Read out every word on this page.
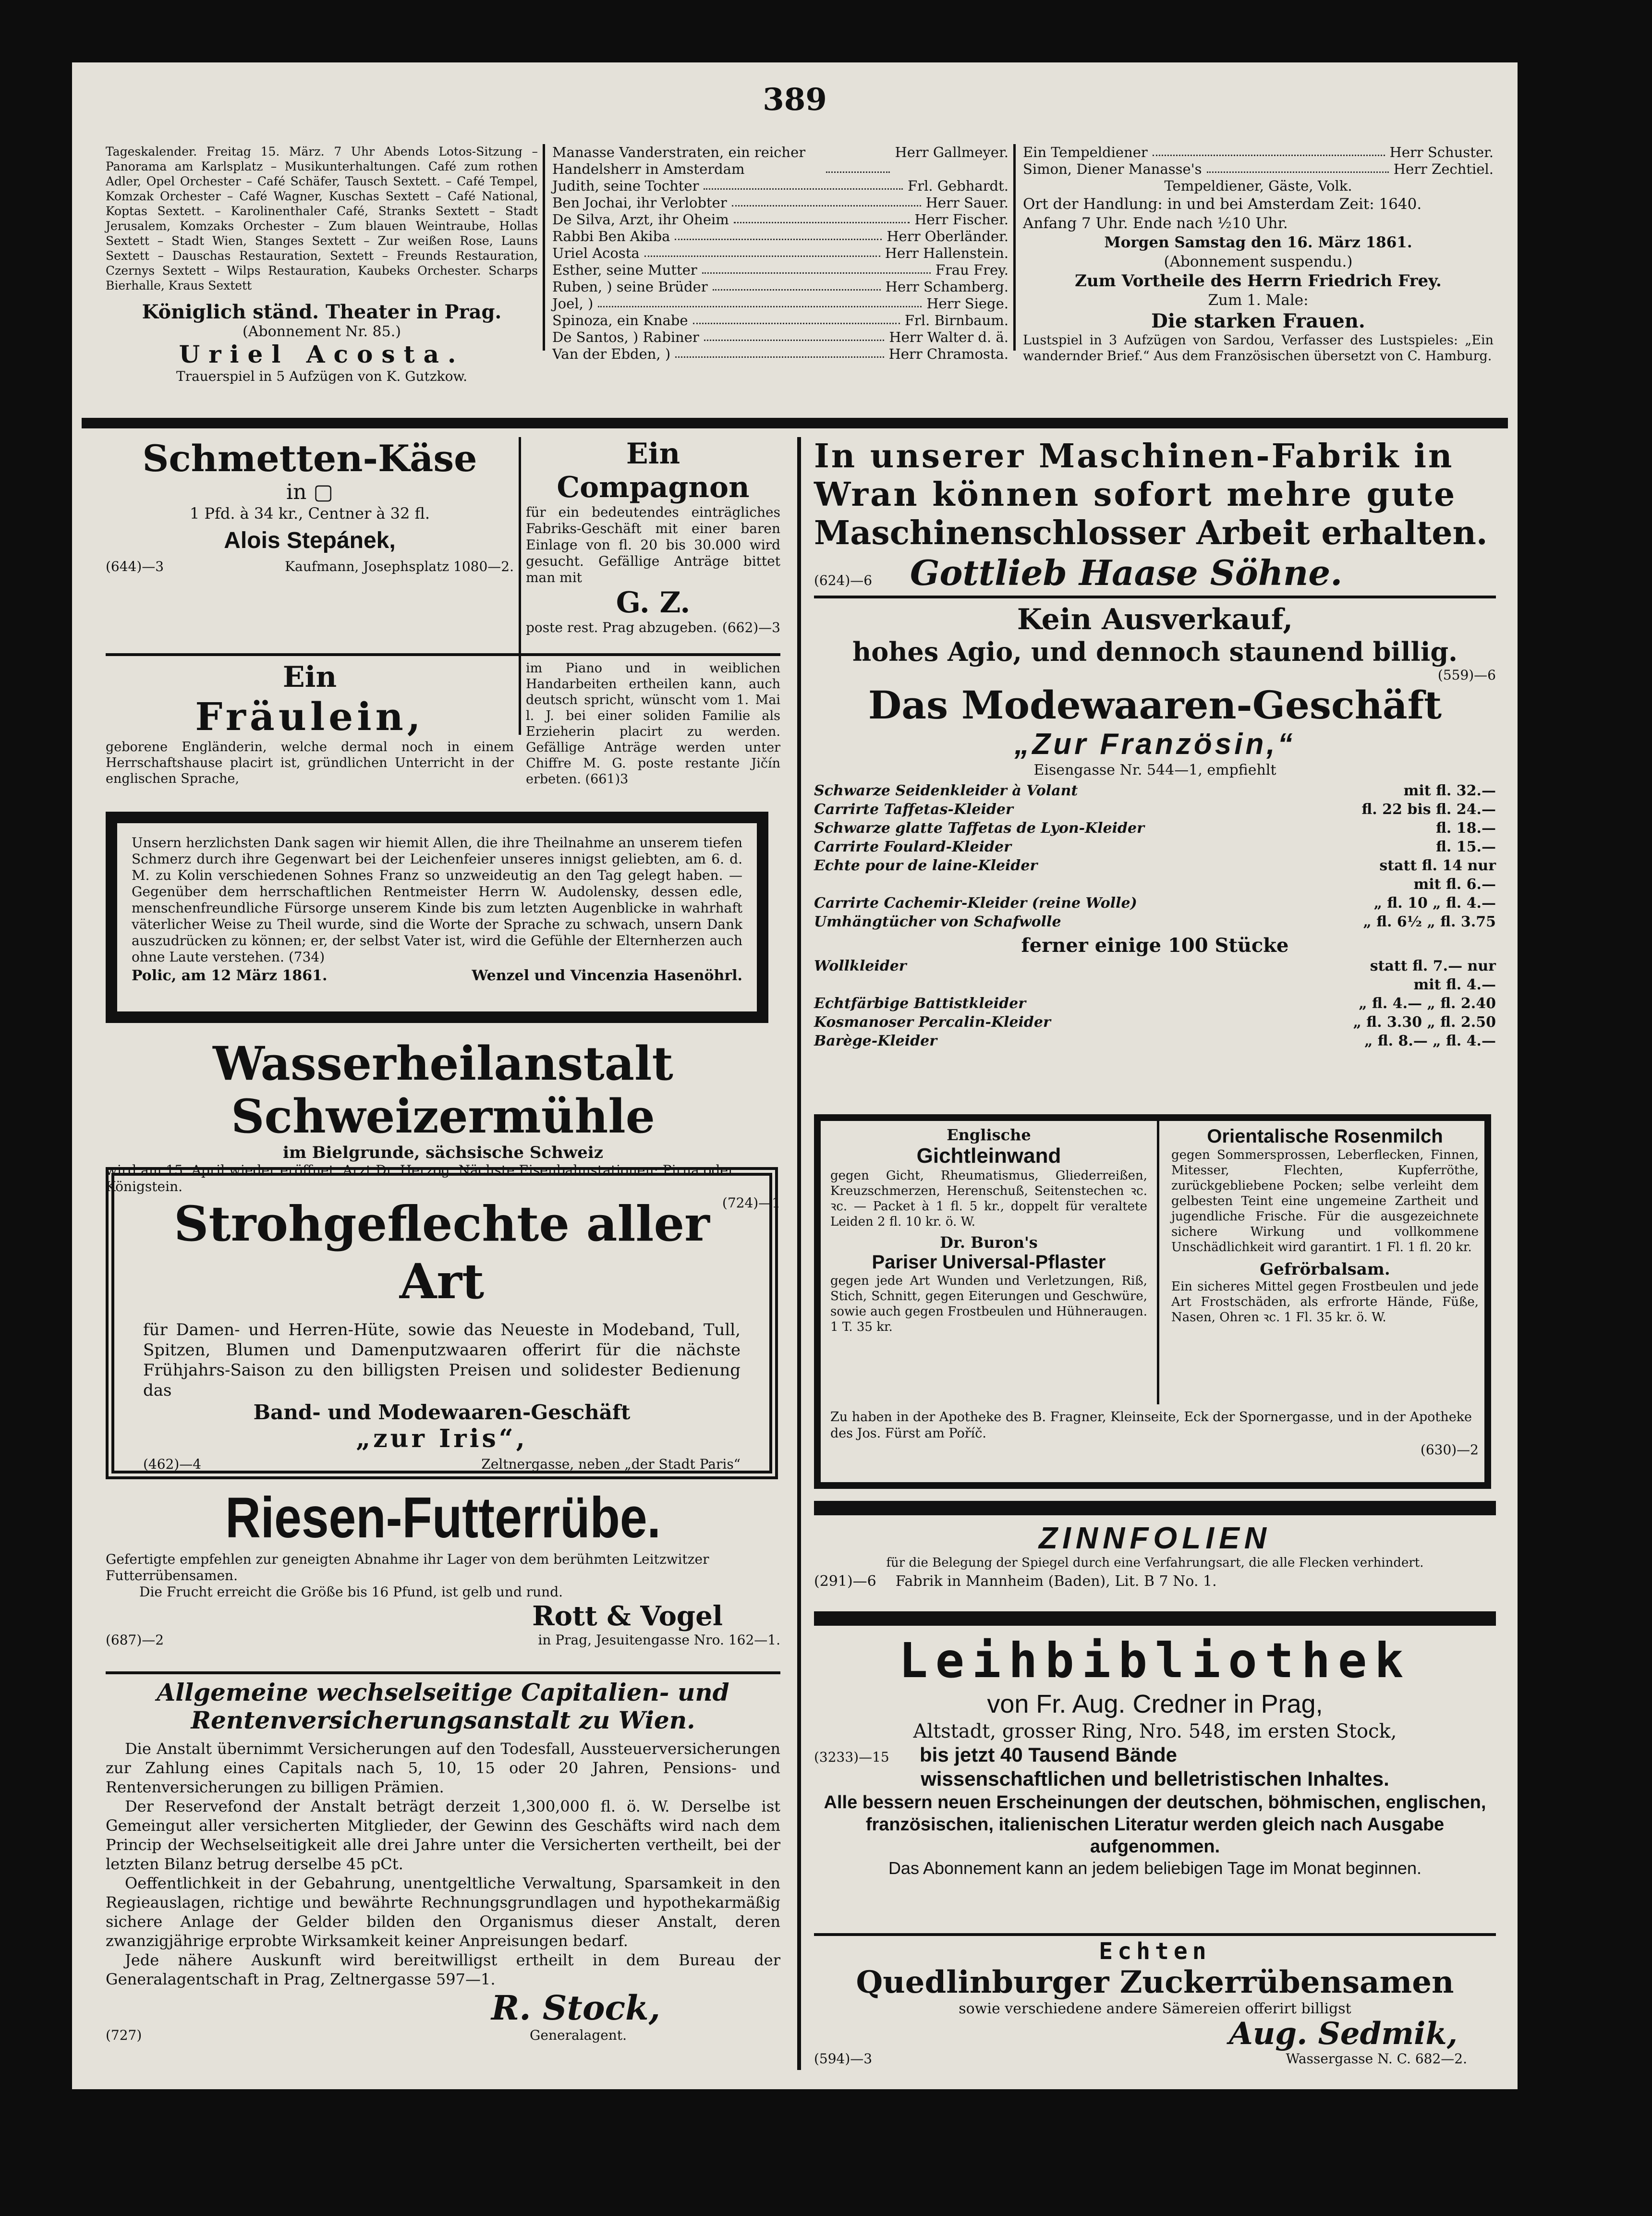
389

Tageskalender. Freitag 15. März. 7 Uhr Abends Lotos-Sitzung – Panorama am Karlsplatz – Musikunterhaltungen. Café zum rothen Adler, Opel Orchester – Café Schäfer, Tausch Sextett. – Café Tempel, Komzak Orchester – Café Wagner, Kuschas Sextett – Café National, Koptas Sextett. – Karolinenthaler Café, Stranks Sextett – Stadt Jerusalem, Komzaks Orchester – Zum blauen Weintraube, Hollas Sextett – Stadt Wien, Stanges Sextett – Zur weißen Rose, Launs Sextett – Dauschas Restauration, Sextett – Freunds Restauration, Czernys Sextett – Wilps Restauration, Kaubeks Orchester. Scharps Bierhalle, Kraus Sextett

Königlich ständ. Theater in Prag.

(Abonnement Nr. 85.)

Uriel Acosta.

Trauerspiel in 5 Aufzügen von K. Gutzkow.

Manasse Vanderstraten, ein reicher Handelsherr in Amsterdam
Herr Gallmeyer.
Judith, seine Tochter	Frl. Gebhardt.
Ben Jochai, ihr Verlobter	Herr Sauer.
De Silva, Arzt, ihr Oheim	Herr Fischer.
Rabbi Ben Akiba	Herr Oberländer.
Uriel Acosta	Herr Hallenstein.
Esther, seine Mutter	Frau Frey.
Ruben, ) seine Brüder	Herr Schamberg.
Joel, )	Herr Siege.
Spinoza, ein Knabe	Frl. Birnbaum.
De Santos, ) Rabiner	Herr Walter d. ä.
Van der Ebden, )	Herr Chramosta.
Ein Tempeldiener	Herr Schuster.
Simon, Diener Manasse's	Herr Zechtiel.
Tempeldiener, Gäste, Volk.

Ort der Handlung: in und bei Amsterdam Zeit: 1640.

Anfang 7 Uhr. Ende nach ½10 Uhr.

Morgen Samstag den 16. März 1861.

(Abonnement suspendu.)

Zum Vortheile des Herrn Friedrich Frey.

Zum 1. Male:

Die starken Frauen.

Lustspiel in 3 Aufzügen von Sardou, Verfasser des Lustspieles: „Ein wandernder Brief.“ Aus dem Französischen übersetzt von C. Hamburg.

Schmetten-Käse

in ▢

1 Pfd. à 34 kr., Centner à 32 fl.

Alois Stepánek,

(644)—3	Kaufmann, Josephsplatz 1080—2.

Ein Compagnon

für ein bedeutendes einträgliches Fabriks-Geschäft mit einer baren Einlage von fl. 20 bis 30.000 wird gesucht. Gefällige Anträge bittet man mit

G. Z.

poste rest. Prag abzugeben. (662)—3

Ein

Fräulein,

geborene Engländerin, welche dermal noch in einem Herrschaftshause placirt ist, gründlichen Unterricht in der englischen Sprache,

im Piano und in weiblichen Handarbeiten ertheilen kann, auch deutsch spricht, wünscht vom 1. Mai l. J. bei einer soliden Familie als Erzieherin placirt zu werden. Gefällige Anträge werden unter Chiffre M. G. poste restante Jičín erbeten. (661)3

Unsern herzlichsten Dank sagen wir hiemit Allen, die ihre Theilnahme an unserem tiefen Schmerz durch ihre Gegenwart bei der Leichenfeier unseres innigst geliebten, am 6. d. M. zu Kolin verschiedenen Sohnes Franz so unzweideutig an den Tag gelegt haben. — Gegenüber dem herrschaftlichen Rentmeister Herrn W. Audolensky, dessen edle, menschenfreundliche Fürsorge unserem Kinde bis zum letzten Augenblicke in wahrhaft väterlicher Weise zu Theil wurde, sind die Worte der Sprache zu schwach, unsern Dank auszudrücken zu können; er, der selbst Vater ist, wird die Gefühle der Elternherzen auch ohne Laute verstehen. (734)

Polic, am 12 März 1861.	Wenzel und Vincenzia Hasenöhrl.

Wasserheilanstalt Schweizermühle

im Bielgrunde, sächsische Schweiz

wird am 15. April wieder eröffnet. Arzt Dr. Herzog. Nächste Eisenbahnstationen: Pirna oder Königstein.

(724)—1

Strohgeflechte aller Art

für Damen- und Herren-Hüte, sowie das Neueste in Modeband, Tull, Spitzen, Blumen und Damenputzwaaren offerirt für die nächste Frühjahrs-Saison zu den billigsten Preisen und solidester Bedienung das

Band- und Modewaaren-Geschäft

„zur Iris“,

(462)—4	Zeltnergasse, neben „der Stadt Paris“

Riesen-Futterrübe.

Gefertigte empfehlen zur geneigten Abnahme ihr Lager von dem berühmten Leitzwitzer Futterrübensamen.

Die Frucht erreicht die Größe bis 16 Pfund, ist gelb und rund.

Rott & Vogel

(687)—2	in Prag, Jesuitengasse Nro. 162—1.

Allgemeine wechselseitige Capitalien- und

Rentenversicherungsanstalt zu Wien.

Die Anstalt übernimmt Versicherungen auf den Todesfall, Aussteuerversicherungen zur Zahlung eines Capitals nach 5, 10, 15 oder 20 Jahren, Pensions- und Rentenversicherungen zu billigen Prämien.

Der Reservefond der Anstalt beträgt derzeit 1,300,000 fl. ö. W. Derselbe ist Gemeingut aller versicherten Mitglieder, der Gewinn des Geschäfts wird nach dem Princip der Wechselseitigkeit alle drei Jahre unter die Versicherten vertheilt, bei der letzten Bilanz betrug derselbe 45 pCt.

Oeffentlichkeit in der Gebahrung, unentgeltliche Verwaltung, Sparsamkeit in den Regieauslagen, richtige und bewährte Rechnungsgrundlagen und hypothekarmäßig sichere Anlage der Gelder bilden den Organismus dieser Anstalt, deren zwanzigjährige erprobte Wirksamkeit keiner Anpreisungen bedarf.

Jede nähere Auskunft wird bereitwilligst ertheilt in dem Bureau der Generalagentschaft in Prag, Zeltnergasse 597—1.

R. Stock,

(727)	Generalagent.

In unserer Maschinen-Fabrik in

Wran können sofort mehre gute

Maschinenschlosser Arbeit erhalten.

(624)—6	Gottlieb Haase Söhne.

Kein Ausverkauf,

hohes Agio, und dennoch staunend billig.

(559)—6

Das Modewaaren-Geschäft

„Zur Französin,“

Eisengasse Nr. 544—1, empfiehlt

Schwarze Seidenkleider à Volant	mit fl. 32.—
Carrirte Taffetas-Kleider	fl. 22 bis fl. 24.—
Schwarze glatte Taffetas de Lyon-Kleider	fl. 18.—
Carrirte Foulard-Kleider	fl. 15.—
Echte pour de laine-Kleider	statt fl. 14 nur mit fl. 6.—
Carrirte Cachemir-Kleider (reine Wolle)	„ fl. 10 „ fl. 4.—
Umhängtücher von Schafwolle	„ fl. 6½ „ fl. 3.75

ferner einige 100 Stücke

Wollkleider	statt fl. 7.— nur mit fl. 4.—
Echtfärbige Battistkleider	„ fl. 4.— „ fl. 2.40
Kosmanoser Percalin-Kleider	„ fl. 3.30 „ fl. 2.50
Barège-Kleider	„ fl. 8.— „ fl. 4.—

Englische

Gichtleinwand

gegen Gicht, Rheumatismus, Gliederreißen, Kreuzschmerzen, Herenschuß, Seitenstechen ꝛc. ꝛc. — Packet à 1 fl. 5 kr., doppelt für veraltete Leiden 2 fl. 10 kr. ö. W.

Dr. Buron's

Pariser Universal-Pflaster

gegen jede Art Wunden und Verletzungen, Riß, Stich, Schnitt, gegen Eiterungen und Geschwüre, sowie auch gegen Frostbeulen und Hühneraugen. 1 T. 35 kr.

Orientalische Rosenmilch

gegen Sommersprossen, Leberflecken, Finnen, Mitesser, Flechten, Kupferröthe, zurückgebliebene Pocken; selbe verleiht dem gelbesten Teint eine ungemeine Zartheit und jugendliche Frische. Für die ausgezeichnete sichere Wirkung und vollkommene Unschädlichkeit wird garantirt. 1 Fl. 1 fl. 20 kr.

Gefrörbalsam.

Ein sicheres Mittel gegen Frostbeulen und jede Art Frostschäden, als erfrorte Hände, Füße, Nasen, Ohren ꝛc. 1 Fl. 35 kr. ö. W.

Zu haben in der Apotheke des B. Fragner, Kleinseite, Eck der Spornergasse, und in der Apotheke des Jos. Fürst am Poříč.

(630)—2

ZINNFOLIEN

für die Belegung der Spiegel durch eine Verfahrungsart, die alle Flecken verhindert.

(291)—6 Fabrik in Mannheim (Baden), Lit. B 7 No. 1.

Leihbibliothek

von Fr. Aug. Credner in Prag,

Altstadt, grosser Ring, Nro. 548, im ersten Stock,

(3233)—15	bis jetzt 40 Tausend Bände

wissenschaftlichen und belletristischen Inhaltes.

Alle bessern neuen Erscheinungen der deutschen, böhmischen, englischen, französischen, italienischen Literatur werden gleich nach Ausgabe aufgenommen.

Das Abonnement kann an jedem beliebigen Tage im Monat beginnen.

Echten

Quedlinburger Zuckerrübensamen

sowie verschiedene andere Sämereien offerirt billigst

Aug. Sedmik,

(594)—3	Wassergasse N. C. 682—2.
